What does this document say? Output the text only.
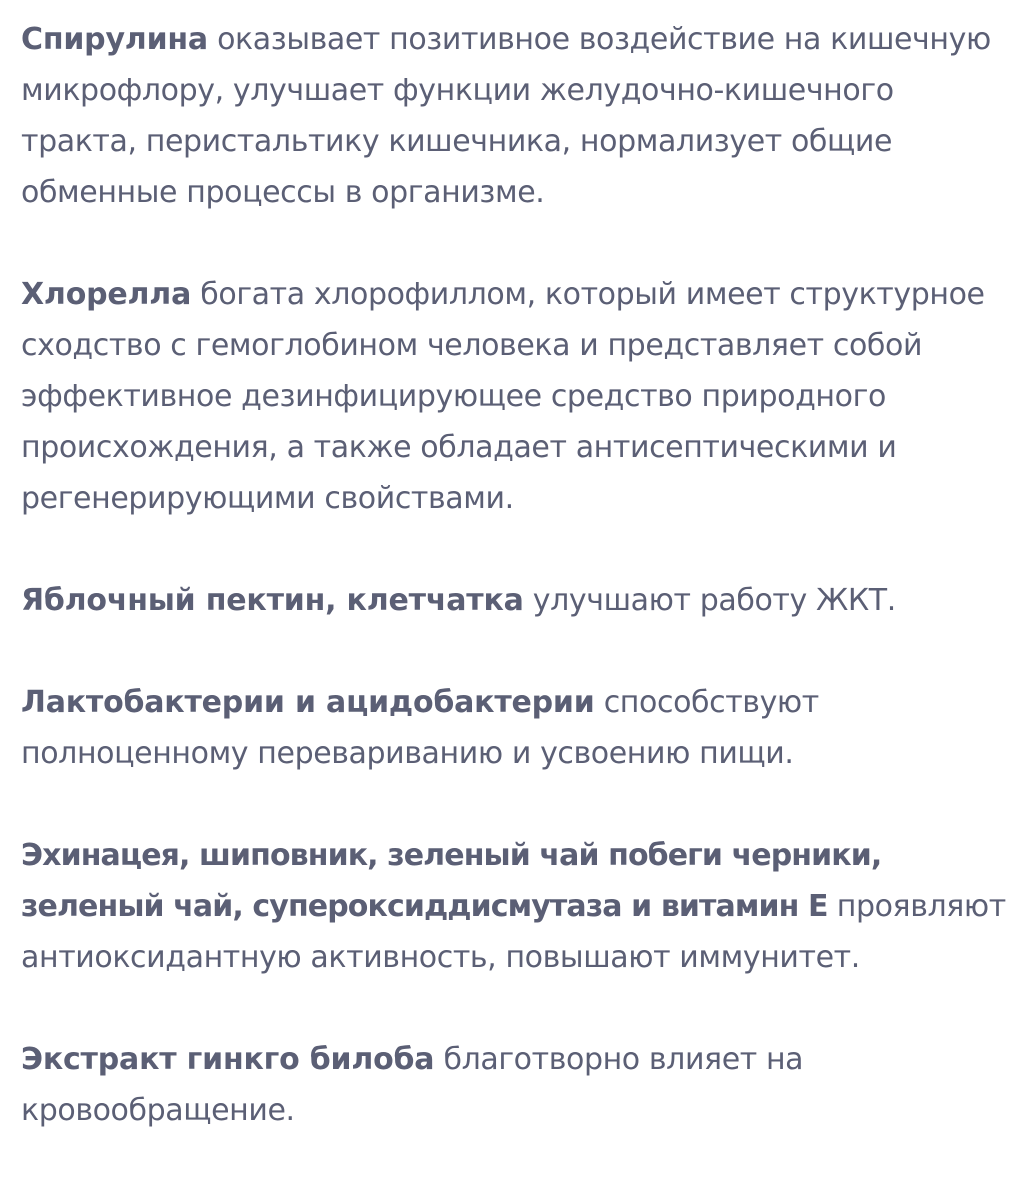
Спирулина оказывает позитивное воздействие на кишечную микрофлору, улучшает функции желудочно-кишечного тракта, перистальтику кишечника, нормализует общие обменные процессы в организме.

Хлорелла богата хлорофиллом, который имеет структурное сходство с гемоглобином человека и представляет собой эффективное дезинфицирующее средство природного происхождения, а также обладает антисептическими и регенерирующими свойствами.

Яблочный пектин, клетчатка улучшают работу ЖКТ.

Лактобактерии и ацидобактерии способствуют полноценному перевариванию и усвоению пищи.

Эхинацея, шиповник, зеленый чай побеги черники, зеленый чай, супероксиддисмутаза и витамин Е проявляют антиоксидантную активность, повышают иммунитет.

Экстракт гинкго билоба благотворно влияет на кровообращение.
